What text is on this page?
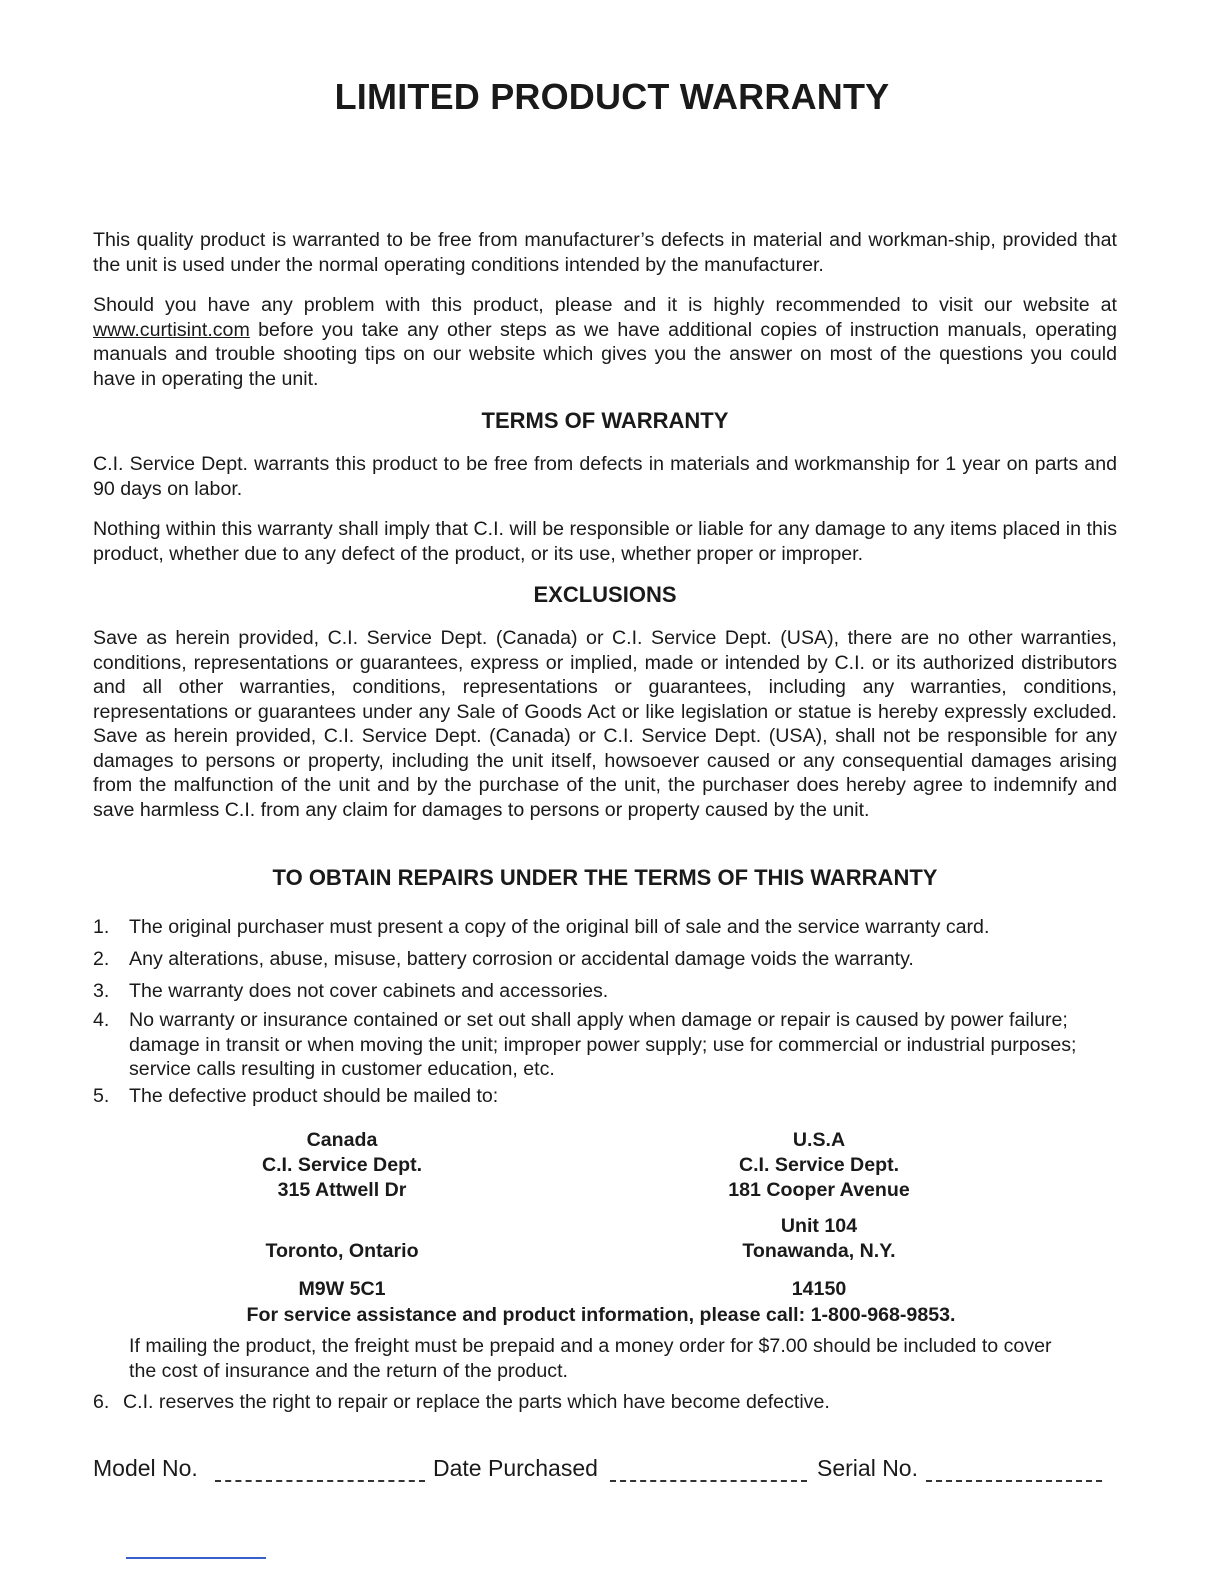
LIMITED PRODUCT WARRANTY

This quality product is warranted to be free from manufacturer’s defects in material and workman-ship, provided that the unit is used under the normal operating conditions intended by the manufacturer.

Should you have any problem with this product, please and it is highly recommended to visit our website at www.curtisint.com before you take any other steps as we have additional copies of instruction manuals, operating manuals and trouble shooting tips on our website which gives you the answer on most of the questions you could have in operating the unit.

TERMS OF WARRANTY

C.I. Service Dept. warrants this product to be free from defects in materials and workmanship for 1 year on parts and 90 days on labor.

Nothing within this warranty shall imply that C.I. will be responsible or liable for any damage to any items placed in this product, whether due to any defect of the product, or its use, whether proper or improper.

EXCLUSIONS

Save as herein provided, C.I. Service Dept. (Canada) or C.I. Service Dept. (USA), there are no other warranties, conditions, representations or guarantees, express or implied, made or intended by C.I. or its authorized distributors and all other warranties, conditions, representations or guarantees, including any warranties, conditions, representations or guarantees under any Sale of Goods Act or like legislation or statue is hereby expressly excluded. Save as herein provided, C.I. Service Dept. (Canada) or C.I. Service Dept. (USA), shall not be responsible for any damages to persons or property, including the unit itself, howsoever caused or any consequential damages arising from the malfunction of the unit and by the purchase of the unit, the purchaser does hereby agree to indemnify and save harmless C.I. from any claim for damages to persons or property caused by the unit.

TO OBTAIN REPAIRS UNDER THE TERMS OF THIS WARRANTY
1. The original purchaser must present a copy of the original bill of sale and the service warranty card.
2. Any alterations, abuse, misuse, battery corrosion or accidental damage voids the warranty.
3. The warranty does not cover cabinets and accessories.
4. No warranty or insurance contained or set out shall apply when damage or repair is caused by power failure; damage in transit or when moving the unit; improper power supply; use for commercial or industrial purposes; service calls resulting in customer education, etc.
5. The defective product should be mailed to:
Canada
C.I. Service Dept.
315 Attwell Dr
Toronto, Ontario
M9W 5C1
U.S.A
C.I. Service Dept.
181 Cooper Avenue
Unit 104
Tonawanda, N.Y.
14150
For service assistance and product information, please call: 1-800-968-9853.
If mailing the product, the freight must be prepaid and a money order for $7.00 should be included to cover the cost of insurance and the return of the product.
6. C.I. reserves the right to repair or replace the parts which have become defective.
Model No.	Date Purchased	Serial No.
